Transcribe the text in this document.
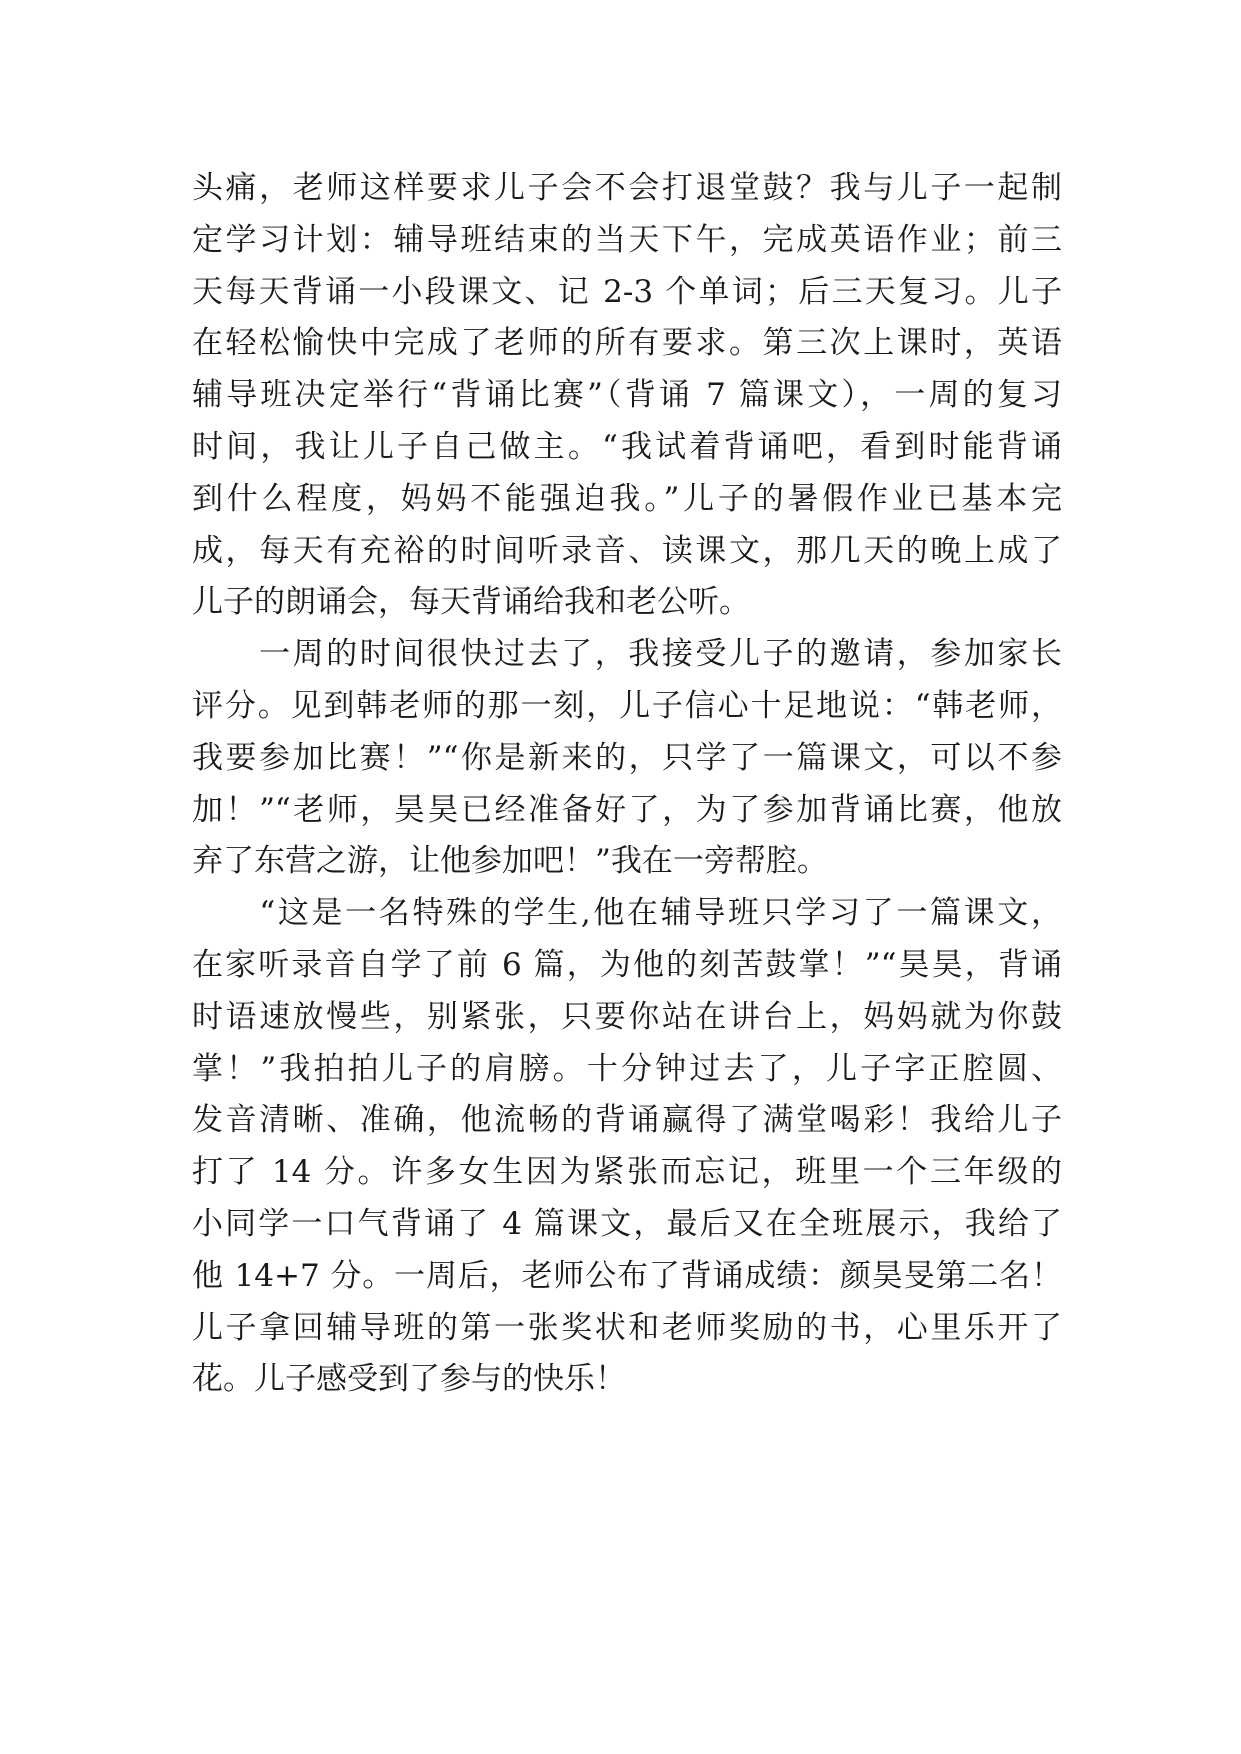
头痛，老师这样要求儿子会不会打退堂鼓？我与儿子一起制
定学习计划：辅导班结束的当天下午，完成英语作业；前三
天每天背诵一小段课文、记 2-3 个单词；后三天复习。儿子
在轻松愉快中完成了老师的所有要求。第三次上课时，英语
辅导班决定举行“背诵比赛”（背诵 7 篇课文），一周的复习
时间，我让儿子自己做主。“我试着背诵吧，看到时能背诵
到什么程度，妈妈不能强迫我。”儿子的暑假作业已基本完
成，每天有充裕的时间听录音、读课文，那几天的晚上成了
儿子的朗诵会，每天背诵给我和老公听。
　　一周的时间很快过去了，我接受儿子的邀请，参加家长
评分。见到韩老师的那一刻，儿子信心十足地说：“韩老师，
我要参加比赛！”“你是新来的，只学了一篇课文，可以不参
加！”“老师，昊昊已经准备好了，为了参加背诵比赛，他放
弃了东营之游，让他参加吧！”我在一旁帮腔。
　　“这是一名特殊的学生,他在辅导班只学习了一篇课文，
在家听录音自学了前 6 篇，为他的刻苦鼓掌！”“昊昊，背诵
时语速放慢些，别紧张，只要你站在讲台上，妈妈就为你鼓
掌！”我拍拍儿子的肩膀。十分钟过去了，儿子字正腔圆、
发音清晰、准确，他流畅的背诵赢得了满堂喝彩！我给儿子
打了 14 分。许多女生因为紧张而忘记，班里一个三年级的
小同学一口气背诵了 4 篇课文，最后又在全班展示，我给了
他 14+7 分。一周后，老师公布了背诵成绩：颜昊旻第二名！
儿子拿回辅导班的第一张奖状和老师奖励的书，心里乐开了
花。儿子感受到了参与的快乐！
